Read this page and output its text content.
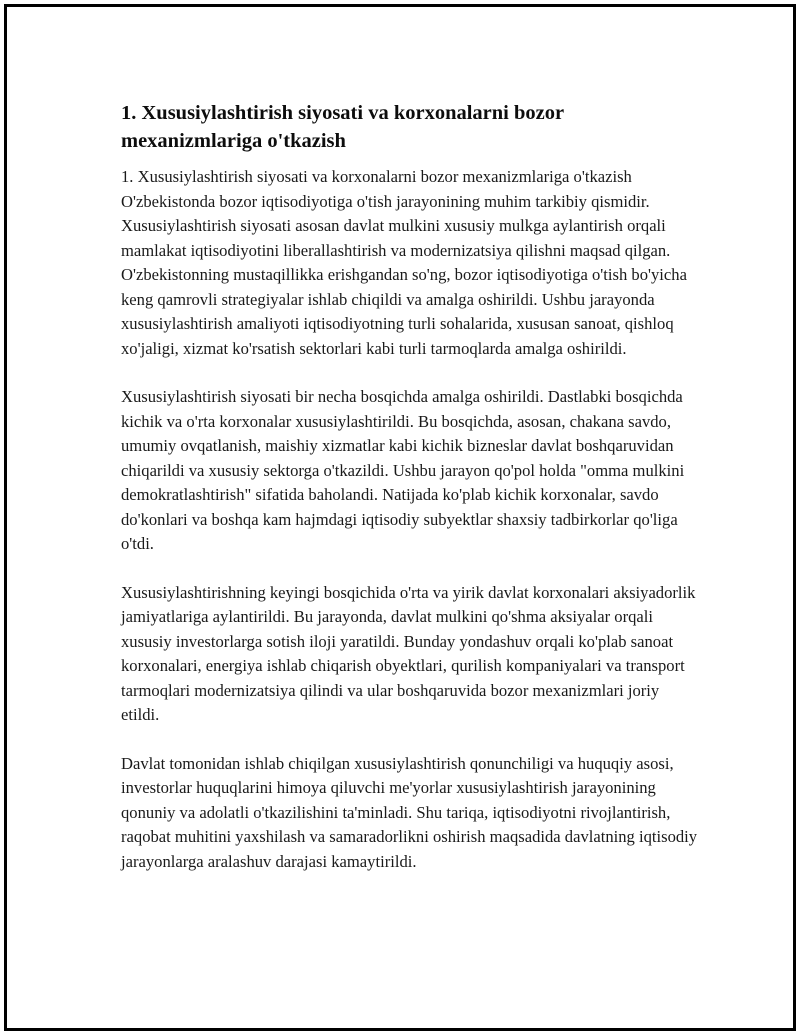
1. Xususiylashtirish siyosati va korxonalarni bozor mexanizmlariga o'tkazish

1. Xususiylashtirish siyosati va korxonalarni bozor mexanizmlariga o'tkazish O'zbekistonda bozor iqtisodiyotiga o'tish jarayonining muhim tarkibiy qismidir. Xususiylashtirish siyosati asosan davlat mulkini xususiy mulkga aylantirish orqali mamlakat iqtisodiyotini liberallashtirish va modernizatsiya qilishni maqsad qilgan. O'zbekistonning mustaqillikka erishgandan so'ng, bozor iqtisodiyotiga o'tish bo'yicha keng qamrovli strategiyalar ishlab chiqildi va amalga oshirildi. Ushbu jarayonda xususiylashtirish amaliyoti iqtisodiyotning turli sohalarida, xususan sanoat, qishloq xo'jaligi, xizmat ko'rsatish sektorlari kabi turli tarmoqlarda amalga oshirildi.

Xususiylashtirish siyosati bir necha bosqichda amalga oshirildi. Dastlabki bosqichda kichik va o'rta korxonalar xususiylashtirildi. Bu bosqichda, asosan, chakana savdo, umumiy ovqatlanish, maishiy xizmatlar kabi kichik bizneslar davlat boshqaruvidan chiqarildi va xususiy sektorga o'tkazildi. Ushbu jarayon qo'pol holda "omma mulkini demokratlashtirish" sifatida baholandi. Natijada ko'plab kichik korxonalar, savdo do'konlari va boshqa kam hajmdagi iqtisodiy subyektlar shaxsiy tadbirkorlar qo'liga o'tdi.

Xususiylashtirishning keyingi bosqichida o'rta va yirik davlat korxonalari aksiyadorlik jamiyatlariga aylantirildi. Bu jarayonda, davlat mulkini qo'shma aksiyalar orqali xususiy investorlarga sotish iloji yaratildi. Bunday yondashuv orqali ko'plab sanoat korxonalari, energiya ishlab chiqarish obyektlari, qurilish kompaniyalari va transport tarmoqlari modernizatsiya qilindi va ular boshqaruvida bozor mexanizmlari joriy etildi.

Davlat tomonidan ishlab chiqilgan xususiylashtirish qonunchiligi va huquqiy asosi, investorlar huquqlarini himoya qiluvchi me'yorlar xususiylashtirish jarayonining qonuniy va adolatli o'tkazilishini ta'minladi. Shu tariqa, iqtisodiyotni rivojlantirish, raqobat muhitini yaxshilash va samaradorlikni oshirish maqsadida davlatning iqtisodiy jarayonlarga aralashuv darajasi kamaytirildi.
